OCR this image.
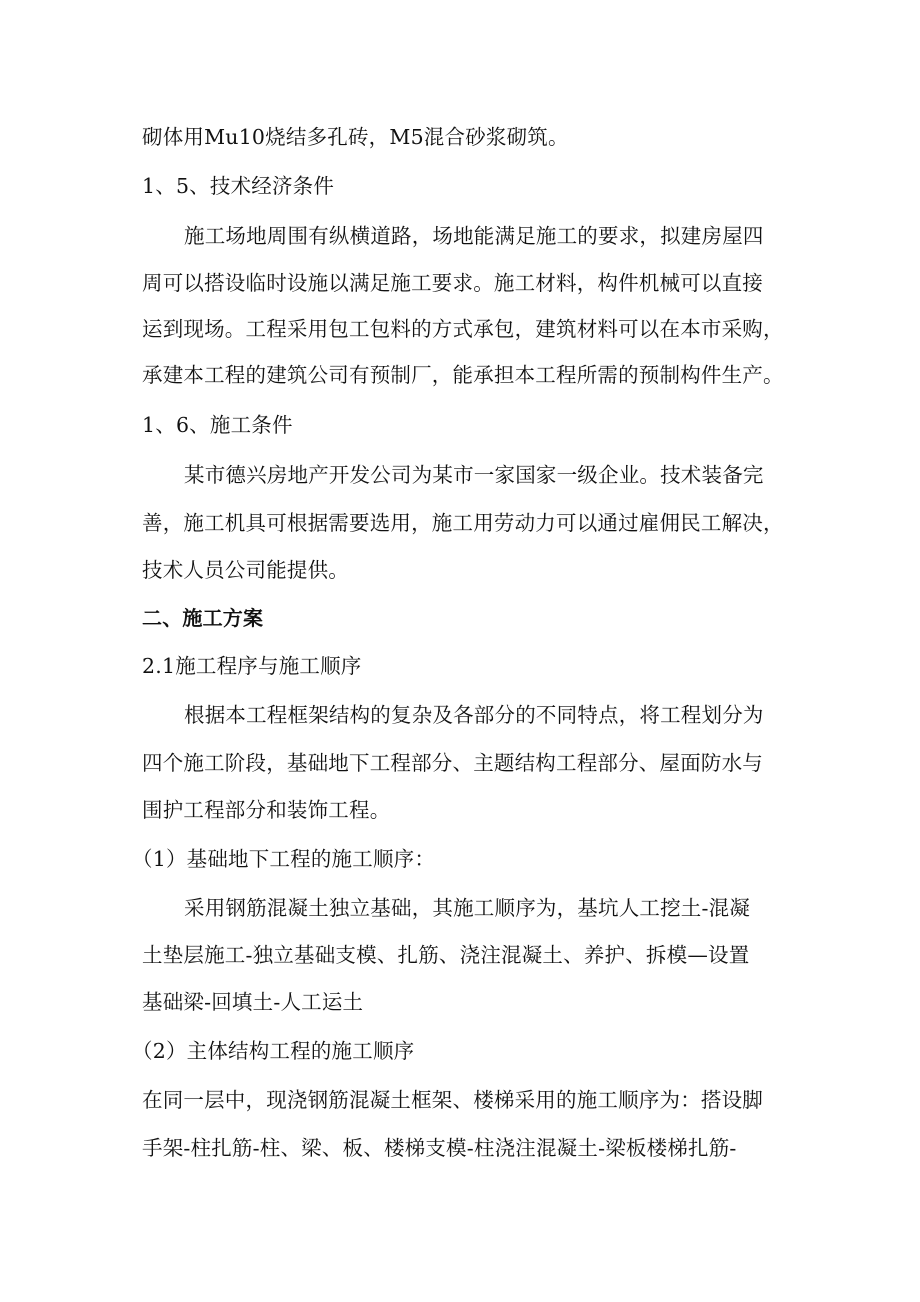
砌体用Mu10烧结多孔砖，M5混合砂浆砌筑。
1、5、技术经济条件
施工场地周围有纵横道路，场地能满足施工的要求，拟建房屋四
周可以搭设临时设施以满足施工要求。施工材料，构件机械可以直接
运到现场。工程采用包工包料的方式承包，建筑材料可以在本市采购，
承建本工程的建筑公司有预制厂，能承担本工程所需的预制构件生产。
1、6、施工条件
某市德兴房地产开发公司为某市一家国家一级企业。技术装备完
善，施工机具可根据需要选用，施工用劳动力可以通过雇佣民工解决，
技术人员公司能提供。
二、施工方案
2.1施工程序与施工顺序
根据本工程框架结构的复杂及各部分的不同特点，将工程划分为
四个施工阶段，基础地下工程部分、主题结构工程部分、屋面防水与
围护工程部分和装饰工程。
（1）基础地下工程的施工顺序：
采用钢筋混凝土独立基础，其施工顺序为，基坑人工挖土-混凝
土垫层施工-独立基础支模、扎筋、浇注混凝土、养护、拆模—设置
基础梁-回填土-人工运土
（2）主体结构工程的施工顺序
在同一层中，现浇钢筋混凝土框架、楼梯采用的施工顺序为：搭设脚
手架-柱扎筋-柱、梁、板、楼梯支模-柱浇注混凝土-梁板楼梯扎筋-
